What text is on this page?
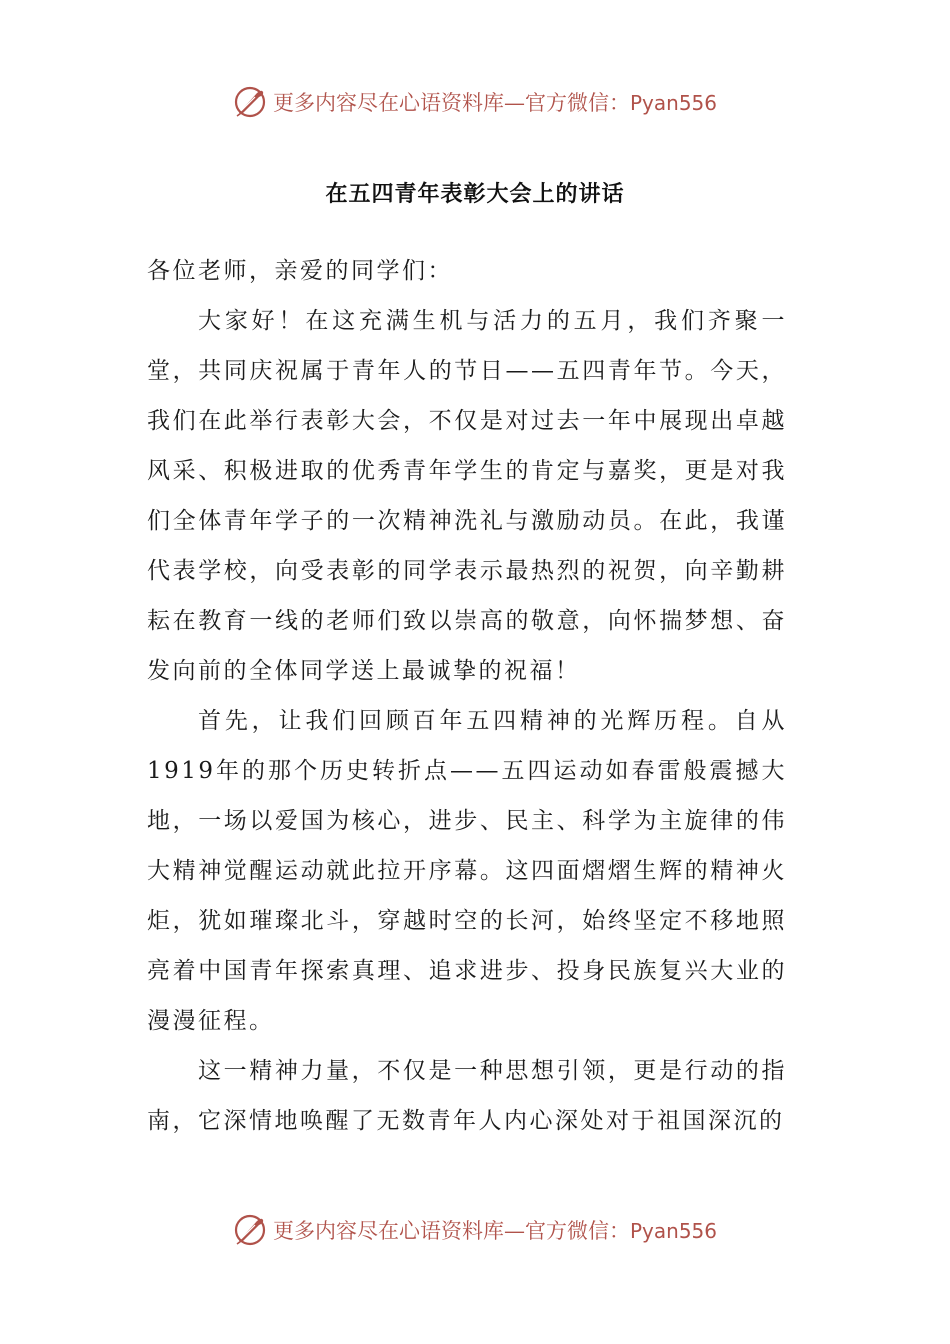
更多内容尽在心语资料库—官方微信：Pyan556
在五四青年表彰大会上的讲话

各位老师，亲爱的同学们：

大家好！在这充满生机与活力的五月，我们齐聚一堂，共同庆祝属于青年人的节日——五四青年节。今天，我们在此举行表彰大会，不仅是对过去一年中展现出卓越风采、积极进取的优秀青年学生的肯定与嘉奖，更是对我们全体青年学子的一次精神洗礼与激励动员。在此，我谨代表学校，向受表彰的同学表示最热烈的祝贺，向辛勤耕耘在教育一线的老师们致以崇高的敬意，向怀揣梦想、奋发向前的全体同学送上最诚挚的祝福！

首先，让我们回顾百年五四精神的光辉历程。自从1919年的那个历史转折点——五四运动如春雷般震撼大地，一场以爱国为核心，进步、民主、科学为主旋律的伟大精神觉醒运动就此拉开序幕。这四面熠熠生辉的精神火炬，犹如璀璨北斗，穿越时空的长河，始终坚定不移地照亮着中国青年探索真理、追求进步、投身民族复兴大业的漫漫征程。

这一精神力量，不仅是一种思想引领，更是行动的指南，它深情地唤醒了无数青年人内心深处对于祖国深沉的

更多内容尽在心语资料库—官方微信：Pyan556
